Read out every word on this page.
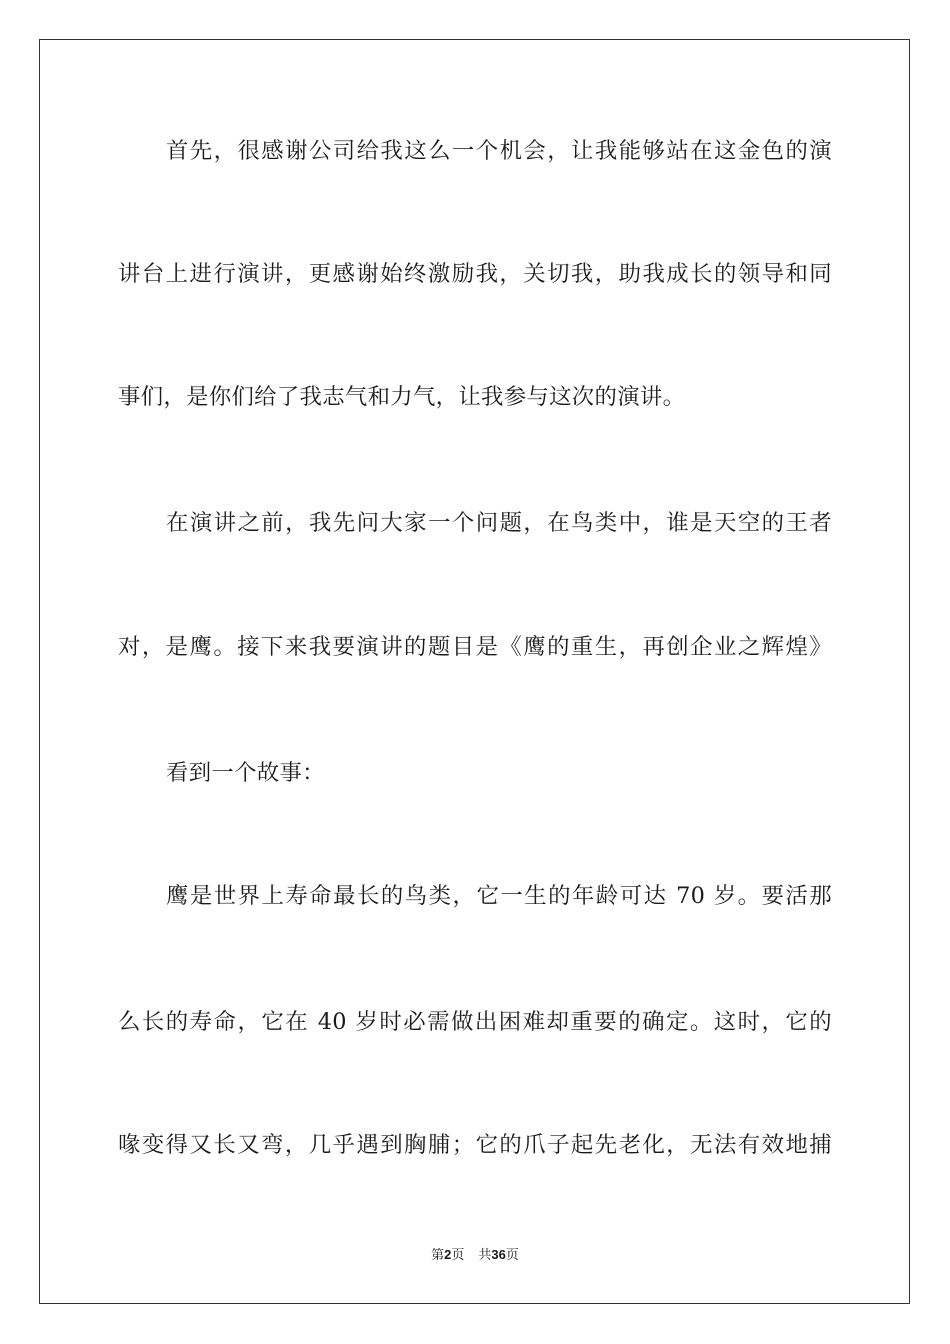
首先，很感谢公司给我这么一个机会，让我能够站在这金色的演
讲台上进行演讲，更感谢始终激励我，关切我，助我成长的领导和同
事们，是你们给了我志气和力气，让我参与这次的演讲。
在演讲之前，我先问大家一个问题，在鸟类中，谁是天空的王者
对，是鹰。接下来我要演讲的题目是《鹰的重生，再创企业之辉煌》
看到一个故事：
鹰是世界上寿命最长的鸟类，它一生的年龄可达 70 岁。要活那
么长的寿命，它在 40 岁时必需做出困难却重要的确定。这时，它的
喙变得又长又弯，几乎遇到胸脯；它的爪子起先老化，无法有效地捕
第2页 共36页
